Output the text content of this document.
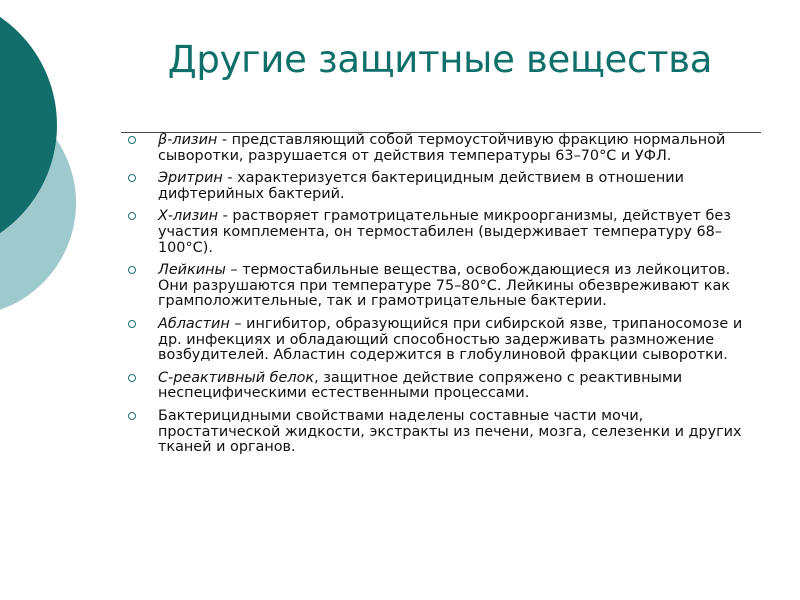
Другие защитные вещества
β-лизин - представляющий собой термоустойчивую фракцию нормальной сыворотки, разрушается от действия температуры 63–70°С и УФЛ.
Эритрин - характеризуется бактерицидным действием в отношении дифтерийных бактерий.
Х-лизин - растворяет грамотрицательные микроорганизмы, действует без участия комплемента, он термостабилен (выдерживает температуру 68–100°С).
Лейкины – термостабильные вещества, освобождающиеся из лейкоцитов. Они разрушаются при температуре 75–80°С. Лейкины обезвреживают как грамположительные, так и грамотрицательные бактерии.
Абластин – ингибитор, образующийся при сибирской язве, трипаносомозе и др. инфекциях и обладающий способностью задерживать размножение возбудителей. Абластин содержится в глобулиновой фракции сыворотки.
С-реактивный белок, защитное действие сопряжено с реактивными неспецифическими естественными процессами.
Бактерицидными свойствами наделены составные части мочи, простатической жидкости, экстракты из печени, мозга, селезенки и других тканей и органов.
